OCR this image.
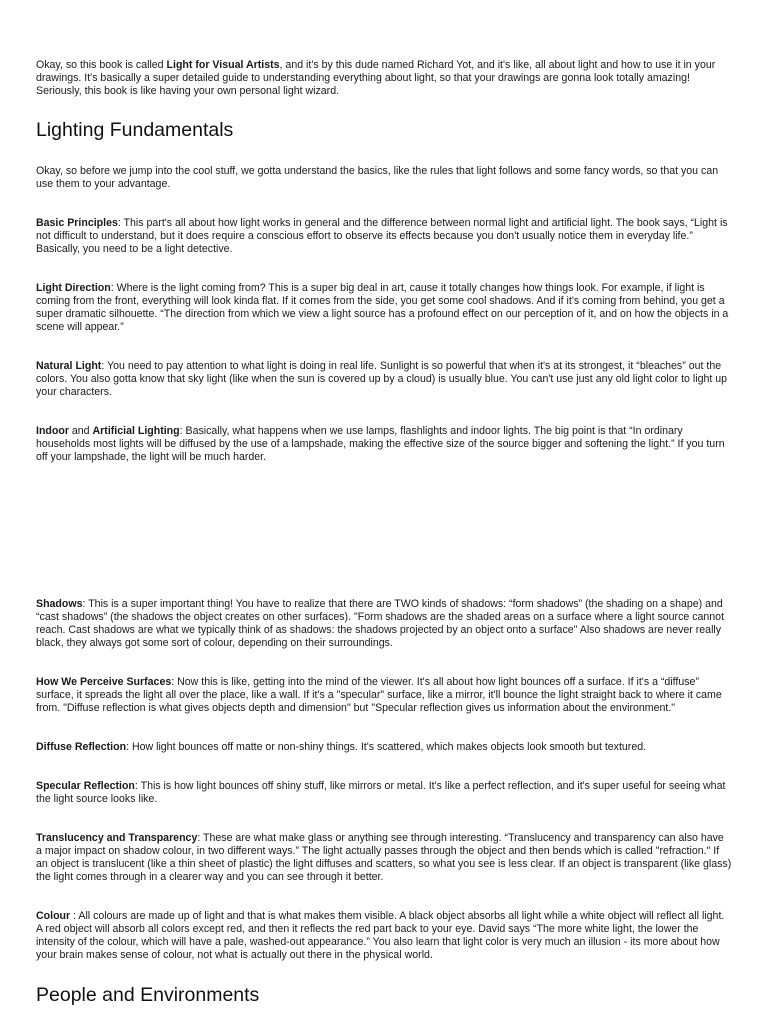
Okay, so this book is called Light for Visual Artists, and it's by this dude named Richard Yot, and it's like, all about light and how to use it in your drawings. It's basically a super detailed guide to understanding everything about light, so that your drawings are gonna look totally amazing! Seriously, this book is like having your own personal light wizard.

Lighting Fundamentals

Okay, so before we jump into the cool stuff, we gotta understand the basics, like the rules that light follows and some fancy words, so that you can use them to your advantage.

Basic Principles: This part's all about how light works in general and the difference between normal light and artificial light. The book says, “Light is not difficult to understand, but it does require a conscious effort to observe its effects because you don't usually notice them in everyday life.” Basically, you need to be a light detective.

Light Direction: Where is the light coming from? This is a super big deal in art, cause it totally changes how things look. For example, if light is coming from the front, everything will look kinda flat. If it comes from the side, you get some cool shadows. And if it's coming from behind, you get a super dramatic silhouette. “The direction from which we view a light source has a profound effect on our perception of it, and on how the objects in a scene will appear.”

Natural Light: You need to pay attention to what light is doing in real life. Sunlight is so powerful that when it's at its strongest, it “bleaches” out the colors. You also gotta know that sky light (like when the sun is covered up by a cloud) is usually blue. You can't use just any old light color to light up your characters.

Indoor and Artificial Lighting: Basically, what happens when we use lamps, flashlights and indoor lights. The big point is that “In ordinary households most lights will be diffused by the use of a lampshade, making the effective size of the source bigger and softening the light.” If you turn off your lampshade, the light will be much harder.

Shadows: This is a super important thing! You have to realize that there are TWO kinds of shadows: “form shadows” (the shading on a shape) and “cast shadows” (the shadows the object creates on other surfaces). "Form shadows are the shaded areas on a surface where a light source cannot reach. Cast shadows are what we typically think of as shadows: the shadows projected by an object onto a surface" Also shadows are never really black, they always got some sort of colour, depending on their surroundings.

How We Perceive Surfaces: Now this is like, getting into the mind of the viewer. It's all about how light bounces off a surface. If it's a “diffuse” surface, it spreads the light all over the place, like a wall. If it's a "specular" surface, like a mirror, it'll bounce the light straight back to where it came from. "Diffuse reflection is what gives objects depth and dimension" but "Specular reflection gives us information about the environment."

Diffuse Reflection: How light bounces off matte or non-shiny things. It's scattered, which makes objects look smooth but textured.

Specular Reflection: This is how light bounces off shiny stuff, like mirrors or metal. It's like a perfect reflection, and it's super useful for seeing what the light source looks like.

Translucency and Transparency: These are what make glass or anything see through interesting. “Translucency and transparency can also have a major impact on shadow colour, in two different ways.” The light actually passes through the object and then bends which is called "refraction." If an object is translucent (like a thin sheet of plastic) the light diffuses and scatters, so what you see is less clear. If an object is transparent (like glass) the light comes through in a clearer way and you can see through it better.

Colour : All colours are made up of light and that is what makes them visible. A black object absorbs all light while a white object will reflect all light. A red object will absorb all colors except red, and then it reflects the red part back to your eye. David says “The more white light, the lower the intensity of the colour, which will have a pale, washed-out appearance.” You also learn that light color is very much an illusion - its more about how your brain makes sense of colour, not what is actually out there in the physical world.

People and Environments
